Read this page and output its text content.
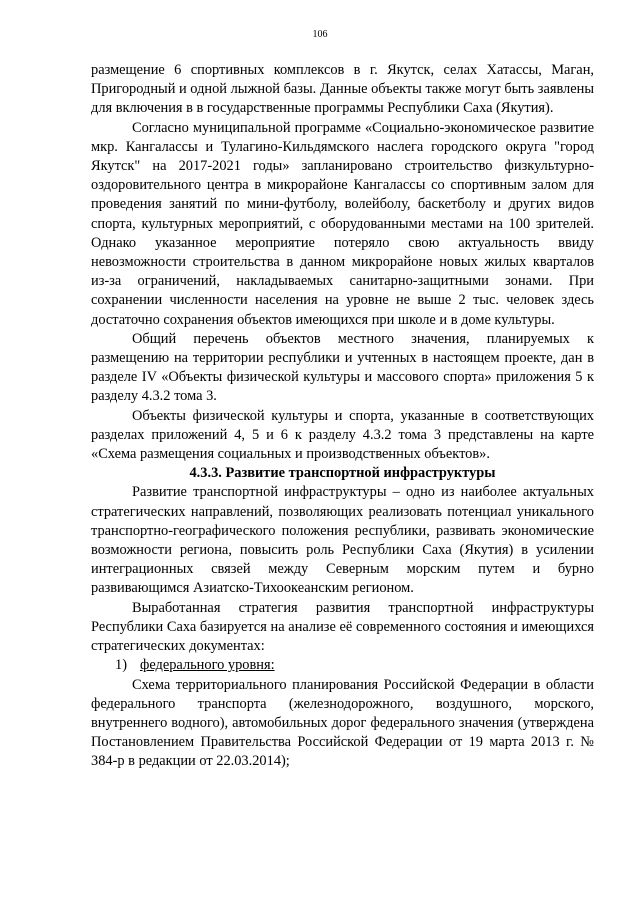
106

размещение 6 спортивных комплексов в г. Якутск, селах Хатассы, Маган, Пригородный и одной лыжной базы. Данные объекты также могут быть заявлены для включения в в государственные программы Республики Саха (Якутия).

Согласно муниципальной программе «Социально-экономическое развитие мкр. Кангалассы и Тулагино-Кильдямского наслега городского округа "город Якутск" на 2017-2021 годы» запланировано строительство физкультурно-оздоровительного центра в микрорайоне Кангалассы со спортивным залом для проведения занятий по мини-футболу, волейболу, баскетболу и других видов спорта, культурных мероприятий, с оборудованными местами на 100 зрителей. Однако указанное мероприятие потеряло свою актуальность ввиду невозможности строительства в данном микрорайоне новых жилых кварталов из-за ограничений, накладываемых санитарно-защитными зонами. При сохранении численности населения на уровне не выше 2 тыс. человек здесь достаточно сохранения объектов имеющихся при школе и в доме культуры.

Общий перечень объектов местного значения, планируемых к размещению на территории республики и учтенных в настоящем проекте, дан в разделе IV «Объекты физической культуры и массового спорта» приложения 5 к разделу 4.3.2 тома 3.

Объекты физической культуры и спорта, указанные в соответствующих разделах приложений 4, 5 и 6 к разделу 4.3.2 тома 3 представлены на карте «Схема размещения социальных и производственных объектов».

4.3.3. Развитие транспортной инфраструктуры

Развитие транспортной инфраструктуры – одно из наиболее актуальных стратегических направлений, позволяющих реализовать потенциал уникального транспортно-географического положения республики, развивать экономические возможности региона, повысить роль Республики Саха (Якутия) в усилении интеграционных связей между Северным морским путем и бурно развивающимся Азиатско-Тихоокеанским регионом.

Выработанная стратегия развития транспортной инфраструктуры Республики Саха базируется на анализе её современного состояния и имеющихся стратегических документах:

1) федерального уровня:

Схема территориального планирования Российской Федерации в области федерального транспорта (железнодорожного, воздушного, морского, внутреннего водного), автомобильных дорог федерального значения (утверждена Постановлением Правительства Российской Федерации от 19 марта 2013 г. № 384-р в редакции от 22.03.2014);
